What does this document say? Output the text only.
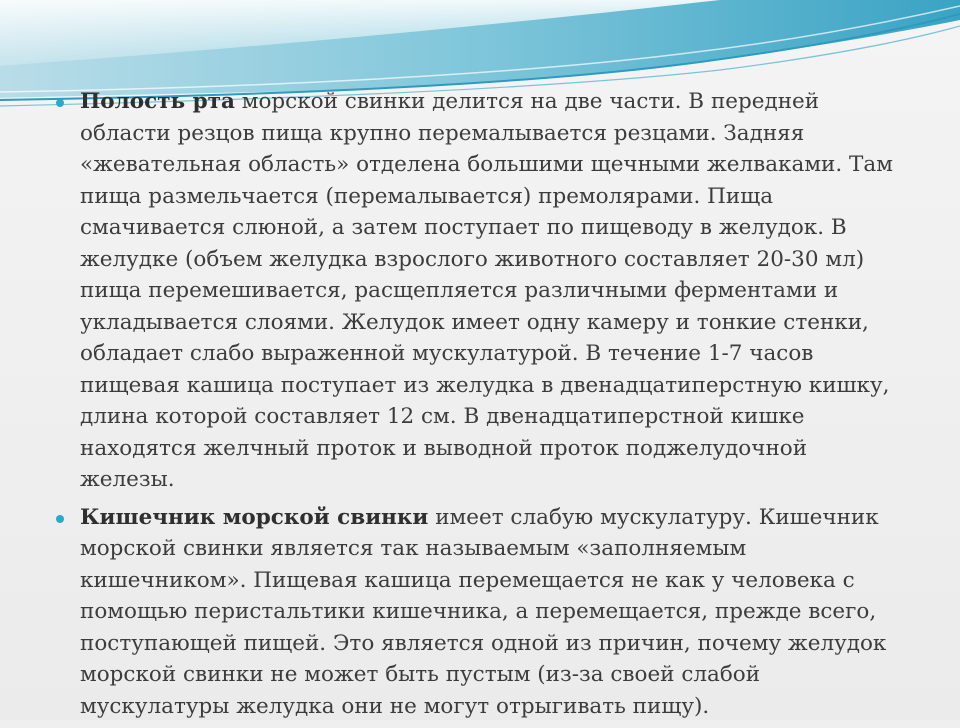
Полость рта морской свинки делится на две части. В передней области резцов пища крупно перемалывается резцами. Задняя «жевательная область» отделена большими щечными желваками. Там пища размельчается (перемалывается) премолярами. Пища смачивается слюной, а затем поступает по пищеводу в желудок. В желудке (объем желудка взрослого животного составляет 20-30 мл) пища перемешивается, расщепляется различными ферментами и укладывается слоями. Желудок имеет одну камеру и тонкие стенки, обладает слабо выраженной мускулатурой. В течение 1-7 часов пищевая кашица поступает из желудка в двенадцатиперстную кишку, длина которой составляет 12 см. В двенадцатиперстной кишке находятся желчный проток и выводной проток поджелудочной железы.

Кишечник морской свинки имеет слабую мускулатуру. Кишечник морской свинки является так называемым «заполняемым кишечником». Пищевая кашица перемещается не как у человека с помощью перистальтики кишечника, а перемещается, прежде всего, поступающей пищей. Это является одной из причин, почему желудок морской свинки не может быть пустым (из-за своей слабой мускулатуры желудка они не могут отрыгивать пищу).
